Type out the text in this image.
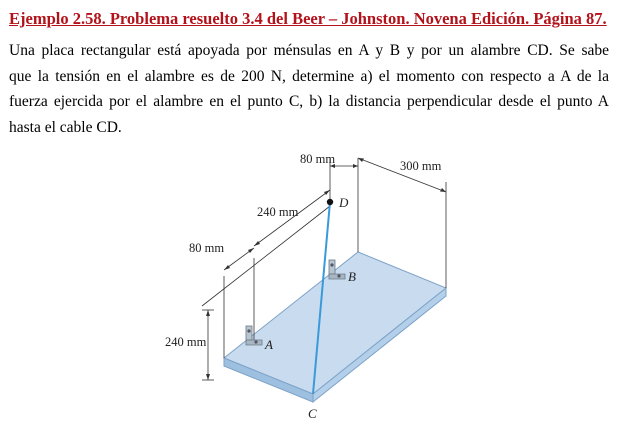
Ejemplo 2.58. Problema resuelto 3.4 del Beer – Johnston. Novena Edición. Página 87.
Una placa rectangular está apoyada por ménsulas en A y B y por un alambre CD. Se sabe
que la tensión en el alambre es de 200 N, determine a) el momento con respecto a A de la
fuerza ejercida por el alambre en el punto C, b) la distancia perpendicular desde el punto A
hasta el cable CD.
80 mm	300 mm
240 mm
80 mm
240 mm
D
B
A
C
